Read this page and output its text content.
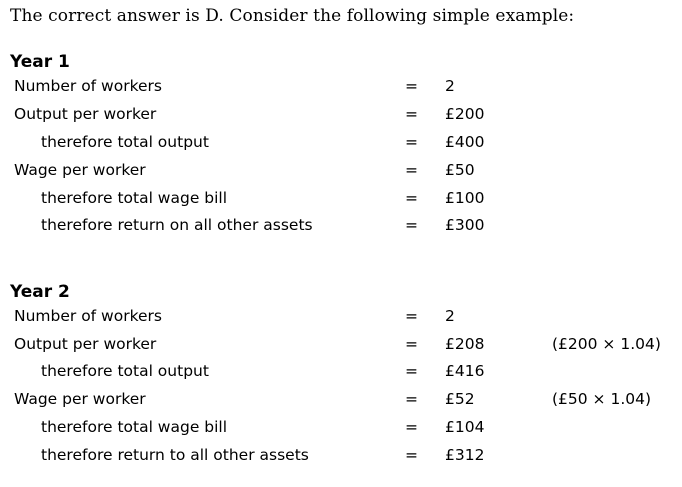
The correct answer is D. Consider the following simple example:
Year 1
Number of workers	= 2
Output per worker	= £200
therefore total output	= £400
Wage per worker	= £50
therefore total wage bill	= £100
therefore return on all other assets	= £300
Year 2
Number of workers	= 2
Output per worker	= £208	(£200 × 1.04)
therefore total output	= £416
Wage per worker	= £52	(£50 × 1.04)
therefore total wage bill	= £104
therefore return to all other assets	= £312
